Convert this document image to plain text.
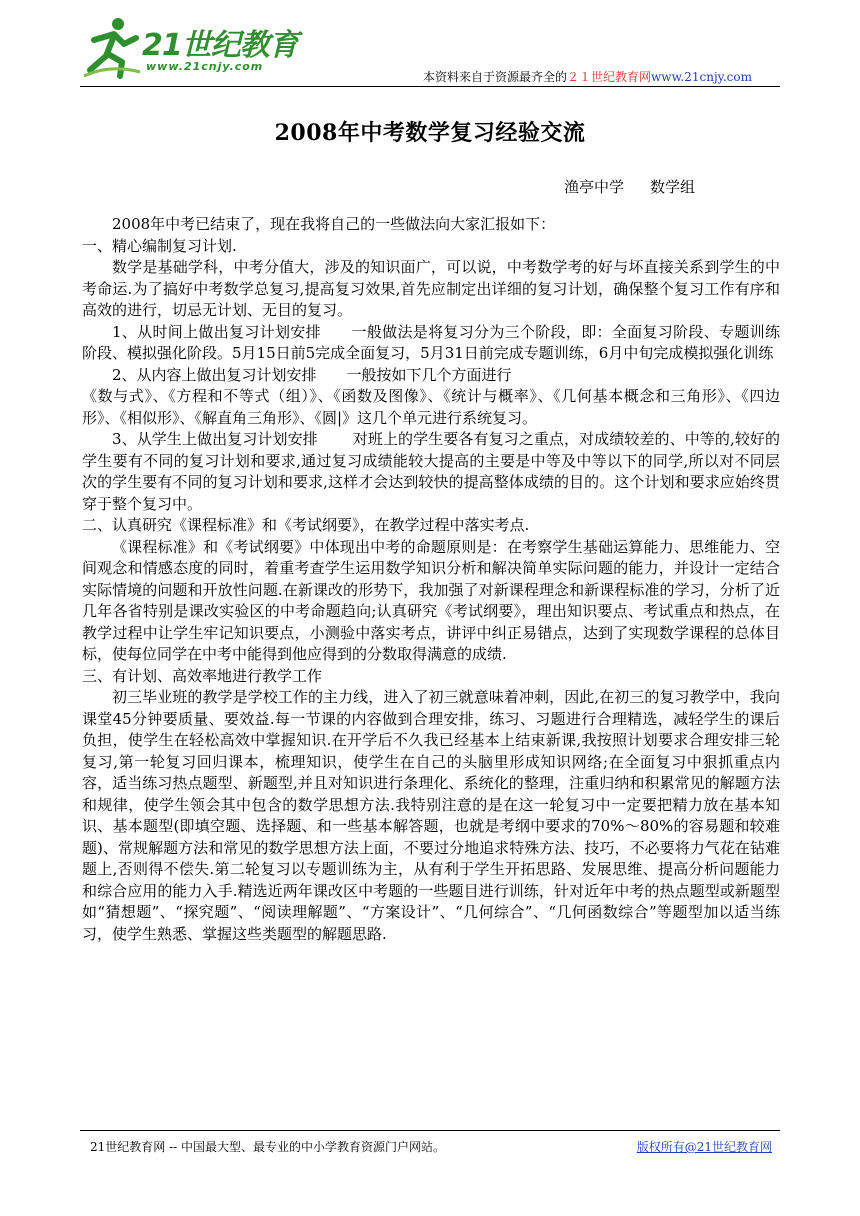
21世纪教育
www.21cnjy.com
本资料来自于资源最齐全的２１世纪教育网www.21cnjy.com
2008年中考数学复习经验交流
渔亭中学 数学组

2008年中考已结束了，现在我将自己的一些做法向大家汇报如下：

一、精心编制复习计划.

数学是基础学科，中考分值大，涉及的知识面广，可以说，中考数学考的好与坏直接关系到学生的中考命运.为了搞好中考数学总复习,提高复习效果,首先应制定出详细的复习计划，确保整个复习工作有序和高效的进行，切忌无计划、无目的复习。

1、从时间上做出复习计划安排　　一般做法是将复习分为三个阶段，即：全面复习阶段、专题训练阶段、模拟强化阶段。5月15日前5完成全面复习，5月31日前完成专题训练，6月中旬完成模拟强化训练

2、从内容上做出复习计划安排　　一般按如下几个方面进行

《数与式》、《方程和不等式（组）》、《函数及图像》、《统计与概率》、《几何基本概念和三角形》、《四边形》、《相似形》、《解直角三角形》、《圆|》这几个单元进行系统复习。

3、从学生上做出复习计划安排　　 对班上的学生要各有复习之重点，对成绩较差的、中等的,较好的学生要有不同的复习计划和要求,通过复习成绩能较大提高的主要是中等及中等以下的同学,所以对不同层次的学生要有不同的复习计划和要求,这样才会达到较快的提高整体成绩的目的。这个计划和要求应始终贯穿于整个复习中。

二、认真研究《课程标准》和《考试纲要》，在教学过程中落实考点.

《课程标准》和《考试纲要》中体现出中考的命题原则是：在考察学生基础运算能力、思维能力、空间观念和情感态度的同时，着重考查学生运用数学知识分析和解决简单实际问题的能力，并设计一定结合实际情境的问题和开放性问题.在新课改的形势下，我加强了对新课程理念和新课程标准的学习，分析了近几年各省特别是课改实验区的中考命题趋向;认真研究《考试纲要》，理出知识要点、考试重点和热点，在教学过程中让学生牢记知识要点，小测验中落实考点，讲评中纠正易错点，达到了实现数学课程的总体目标，使每位同学在中考中能得到他应得到的分数取得满意的成绩.

三、有计划、高效率地进行教学工作

初三毕业班的教学是学校工作的主力线，进入了初三就意味着冲刺，因此,在初三的复习教学中，我向课堂45分钟要质量、要效益.每一节课的内容做到合理安排，练习、习题进行合理精选，减轻学生的课后负担，使学生在轻松高效中掌握知识.在开学后不久我已经基本上结束新课,我按照计划要求合理安排三轮复习,第一轮复习回归课本，梳理知识，使学生在自己的头脑里形成知识网络;在全面复习中狠抓重点内容，适当练习热点题型、新题型,并且对知识进行条理化、系统化的整理，注重归纳和积累常见的解题方法和规律，使学生领会其中包含的数学思想方法.我特别注意的是在这一轮复习中一定要把精力放在基本知识、基本题型(即填空题、选择题、和一些基本解答题，也就是考纲中要求的70%～80%的容易题和较难题)、常规解题方法和常见的数学思想方法上面，不要过分地追求特殊方法、技巧，不必要将力气花在钻难题上,否则得不偿失.第二轮复习以专题训练为主，从有利于学生开拓思路、发展思维、提高分析问题能力和综合应用的能力入手.精选近两年课改区中考题的一些题目进行训练，针对近年中考的热点题型或新题型如“猜想题”、“探究题”、“阅读理解题”、“方案设计”、“几何综合”、“几何函数综合”等题型加以适当练习，使学生熟悉、掌握这些类题型的解题思路.

21世纪教育网 -- 中国最大型、最专业的中小学教育资源门户网站。	版权所有@21世纪教育网
